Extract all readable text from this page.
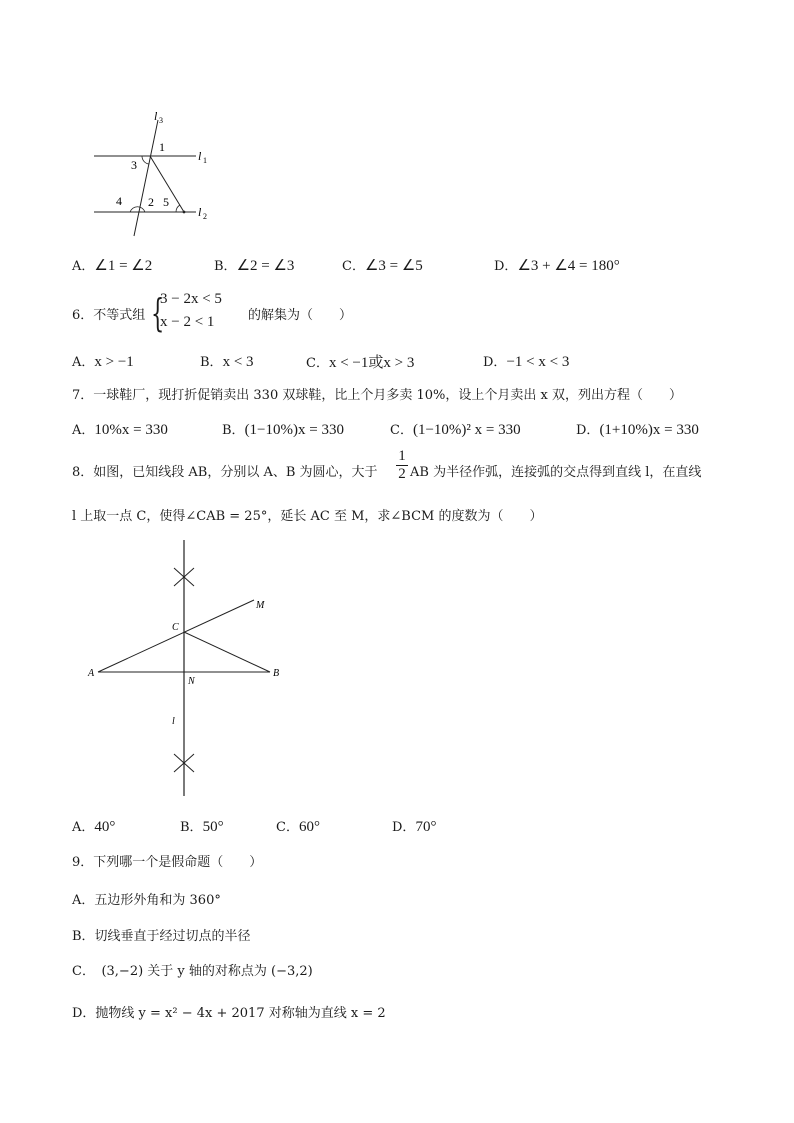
l 3
l 1
l 2
1
3
4 2 5
A．∠1 = ∠2	B．∠2 = ∠3	C．∠3 = ∠5	D．∠3 + ∠4 = 180°
6．不等式组 {
3 − 2x < 5
x − 2 < 1	的解集为（　　）
A．x > −1	B．x < 3	C．x < −1或x > 3	D．−1 < x < 3
7．一球鞋厂，现打折促销卖出 330 双球鞋，比上个月多卖 10%，设上个月卖出 x 双，列出方程（　　）
A．10%x = 330	B．(1−10%)x = 330	C．(1−10%)² x = 330	D．(1+10%)x = 330
8．如图，已知线段 AB，分别以 A、B 为圆心，大于
1
2 AB 为半径作弧，连接弧的交点得到直线 l，在直线
l 上取一点 C，使得∠CAB = 25°，延长 AC 至 M，求∠BCM 的度数为（　　）
M
C
A	B
N
l
A．40°	B．50°	C．60°	D．70°
9．下列哪一个是假命题（　　）
A．五边形外角和为 360°
B．切线垂直于经过切点的半径
C．　(3,−2) 关于 y 轴的对称点为 (−3,2)
D．抛物线 y = x² − 4x + 2017 对称轴为直线 x = 2
